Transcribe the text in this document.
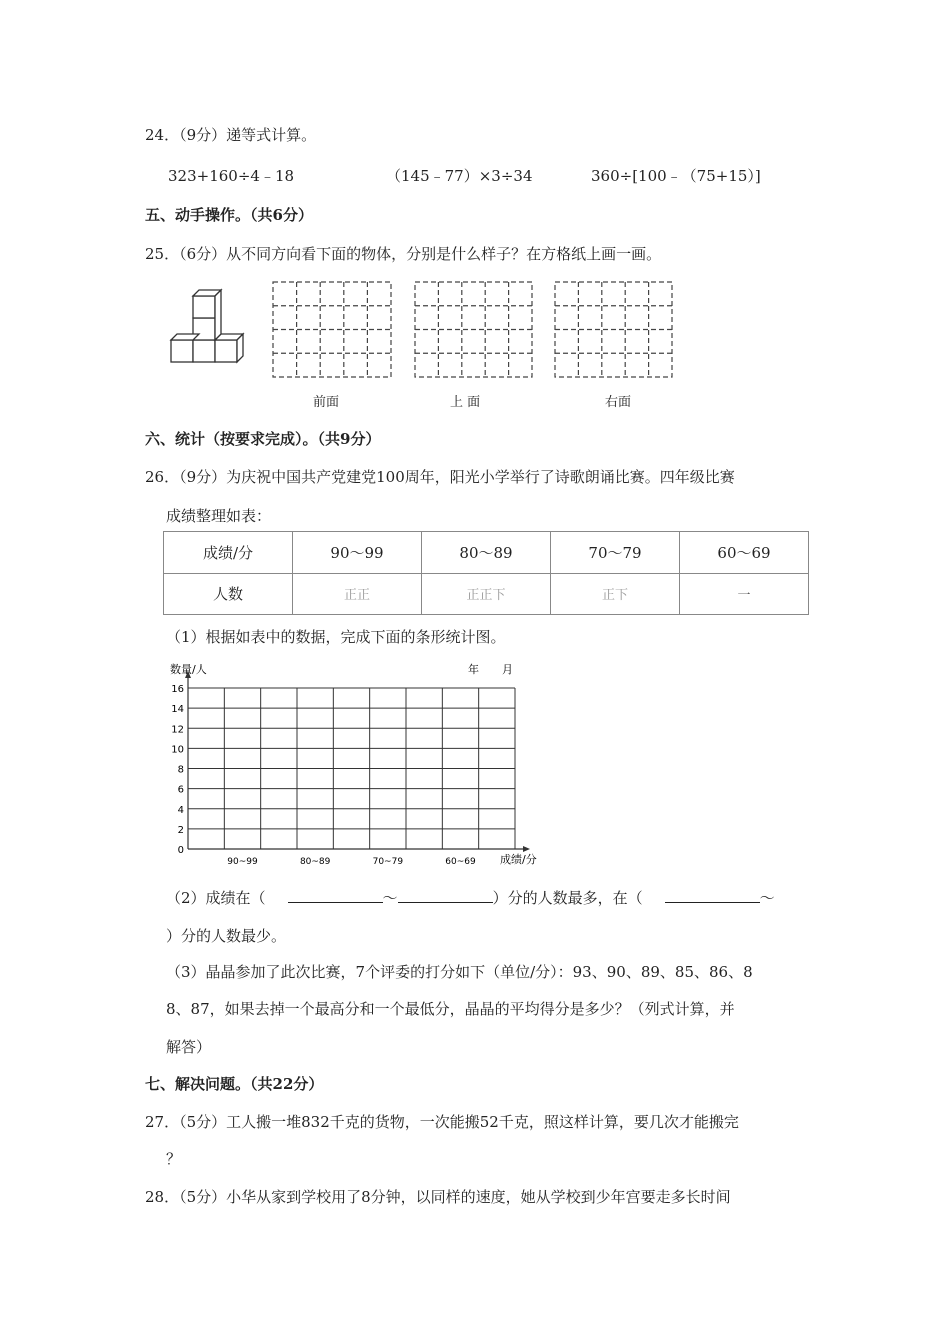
24．（9分）递等式计算。
323+160÷4﹣18	（145﹣77）×3÷34	360÷[100﹣（75+15）]
五、动手操作。（共6分）
25．（6分）从不同方向看下面的物体，分别是什么样子？在方格纸上画一画。
前面	上 面	右面
六、统计（按要求完成）。（共9分）
26．（9分）为庆祝中国共产党建党100周年，阳光小学举行了诗歌朗诵比赛。四年级比赛
成绩整理如表：
成绩/分	90～99	80～89	70～79	60～69
人数	正正	正正下	正下	一
（1）根据如表中的数据，完成下面的条形统计图。
0
2
4
6
8
10
12
14
16
90~99	80~89	70~79	60~69
数量/人	年 月
成绩/分
（2）成绩在（	～	）分的人数最多，在（	～
）分的人数最少。
（3）晶晶参加了此次比赛，7个评委的打分如下（单位/分）：93、90、89、85、86、8
8、87，如果去掉一个最高分和一个最低分，晶晶的平均得分是多少？（列式计算，并
解答）
七、解决问题。（共22分）
27．（5分）工人搬一堆832千克的货物，一次能搬52千克，照这样计算，要几次才能搬完
？
28．（5分）小华从家到学校用了8分钟，以同样的速度，她从学校到少年宫要走多长时间
